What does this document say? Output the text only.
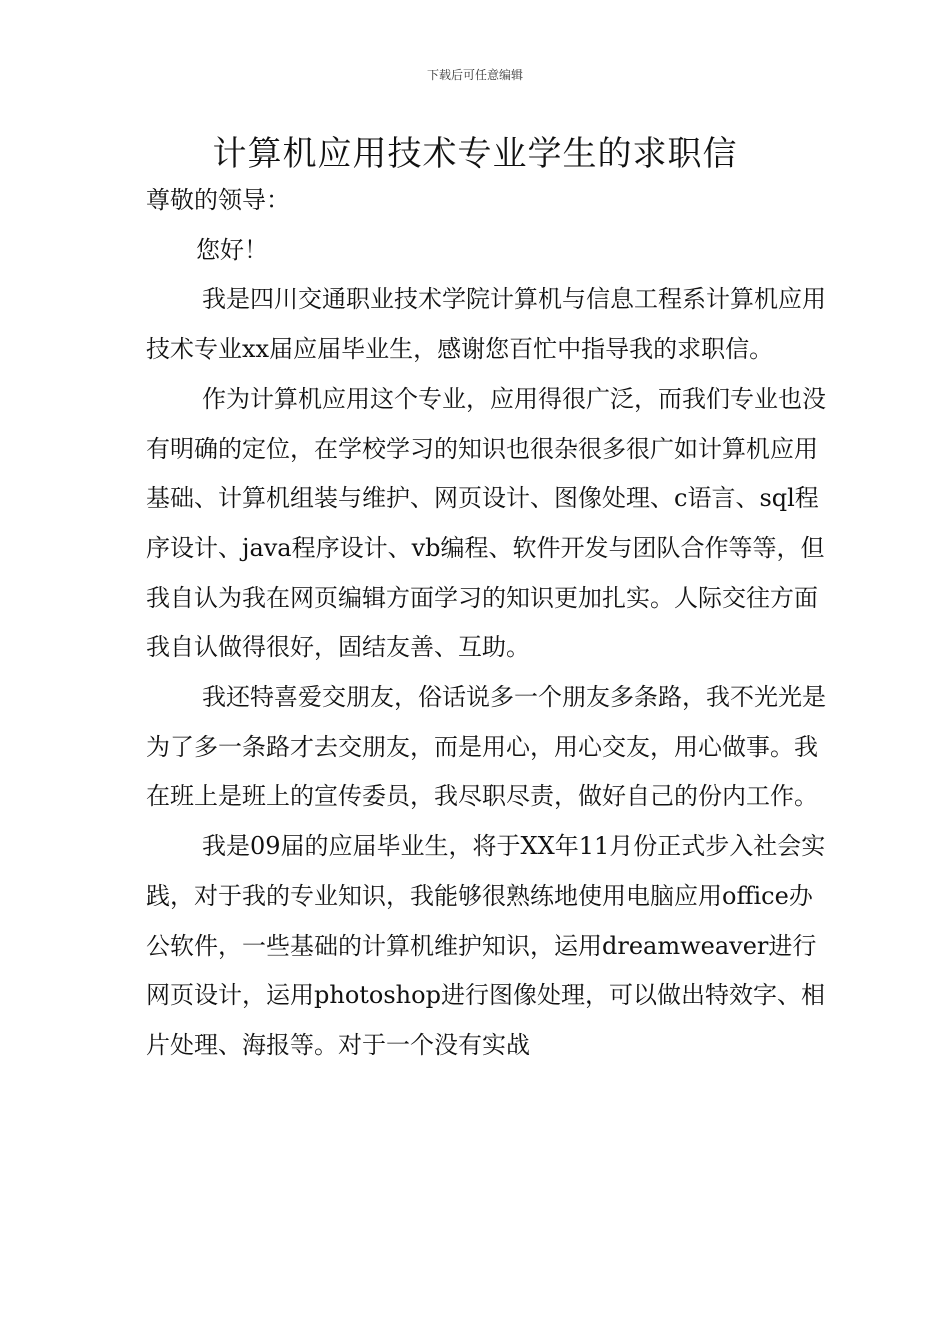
下载后可任意编辑
计算机应用技术专业学生的求职信

尊敬的领导：

您好！

我是四川交通职业技术学院计算机与信息工程系计算机应用技术专业xx届应届毕业生，感谢您百忙中指导我的求职信。

作为计算机应用这个专业，应用得很广泛，而我们专业也没有明确的定位，在学校学习的知识也很杂很多很广如计算机应用基础、计算机组装与维护、网页设计、图像处理、c语言、sql程序设计、java程序设计、vb编程、软件开发与团队合作等等，但我自认为我在网页编辑方面学习的知识更加扎实。人际交往方面我自认做得很好，固结友善、互助。

我还特喜爱交朋友，俗话说多一个朋友多条路，我不光光是为了多一条路才去交朋友，而是用心，用心交友，用心做事。我在班上是班上的宣传委员，我尽职尽责，做好自己的份内工作。

我是09届的应届毕业生，将于XX年11月份正式步入社会实践，对于我的专业知识，我能够很熟练地使用电脑应用office办公软件，一些基础的计算机维护知识，运用dreamweaver进行网页设计，运用photoshop进行图像处理，可以做出特效字、相片处理、海报等。对于一个没有实战
